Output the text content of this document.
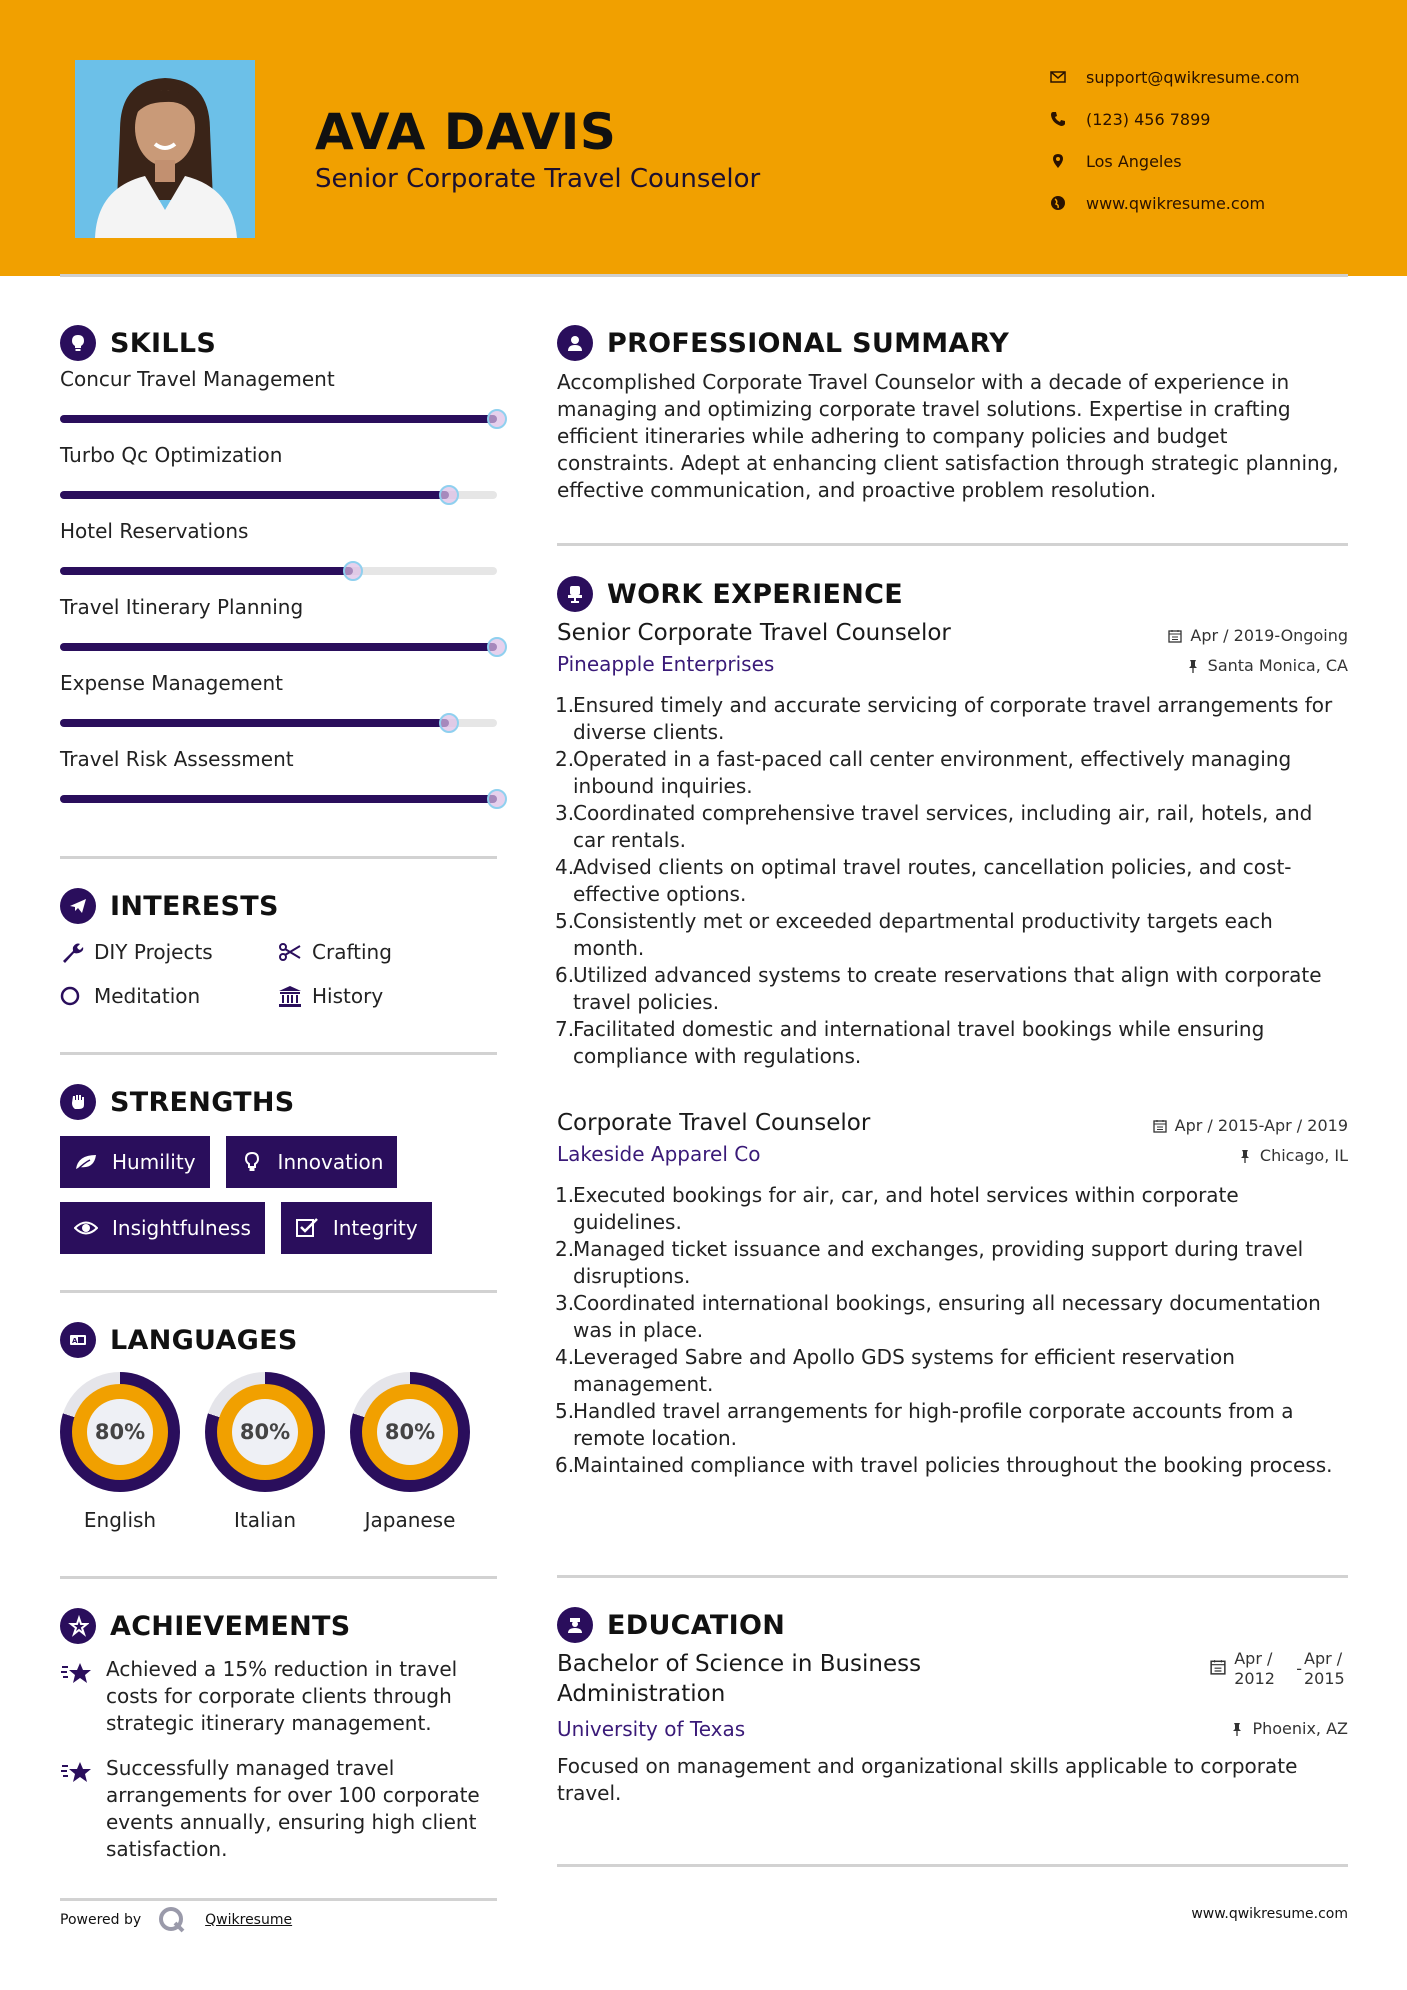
AVA DAVIS
Senior Corporate Travel Counselor
support@qwikresume.com
(123) 456 7899
Los Angeles
www.qwikresume.com
SKILLS
Concur Travel Management
Turbo Qc Optimization
Hotel Reservations
Travel Itinerary Planning
Expense Management
Travel Risk Assessment
INTERESTS
DIY Projects	Crafting
Meditation	History
STRENGTHS
Humility	Innovation
Insightfulness	Integrity
A LANGUAGES
80%
English
80%
Italian
80%
Japanese
ACHIEVEMENTS
Achieved a 15% reduction in travel costs for corporate clients through strategic itinerary management.
Successfully managed travel arrangements for over 100 corporate events annually, ensuring high client satisfaction.
Powered by	Qwikresume
PROFESSIONAL SUMMARY

Accomplished Corporate Travel Counselor with a decade of experience in managing and optimizing corporate travel solutions. Expertise in crafting efficient itineraries while adhering to company policies and budget constraints. Adept at enhancing client satisfaction through strategic planning, effective communication, and proactive problem resolution.

WORK EXPERIENCE
Senior Corporate Travel Counselor	Apr / 2019-Ongoing
Pineapple Enterprises	Santa Monica, CA
1.
Ensured timely and accurate servicing of corporate travel arrangements for diverse clients.
2.
Operated in a fast-paced call center environment, effectively managing inbound inquiries.
3.
Coordinated comprehensive travel services, including air, rail, hotels, and car rentals.
4.
Advised clients on optimal travel routes, cancellation policies, and cost-effective options.
5.
Consistently met or exceeded departmental productivity targets each month.
6.
Utilized advanced systems to create reservations that align with corporate travel policies.
7.
Facilitated domestic and international travel bookings while ensuring compliance with regulations.
Corporate Travel Counselor	Apr / 2015-Apr / 2019
Lakeside Apparel Co	Chicago, IL
1.
Executed bookings for air, car, and hotel services within corporate guidelines.
2.
Managed ticket issuance and exchanges, providing support during travel disruptions.
3.
Coordinated international bookings, ensuring all necessary documentation was in place.
4.
Leveraged Sabre and Apollo GDS systems for efficient reservation management.
5.
Handled travel arrangements for high-profile corporate accounts from a remote location.
6.
Maintained compliance with travel policies throughout the booking process.
EDUCATION
Bachelor of Science in Business Administration
Apr / 2012
-
Apr / 2015
University of Texas	Phoenix, AZ

Focused on management and organizational skills applicable to corporate travel.

www.qwikresume.com
